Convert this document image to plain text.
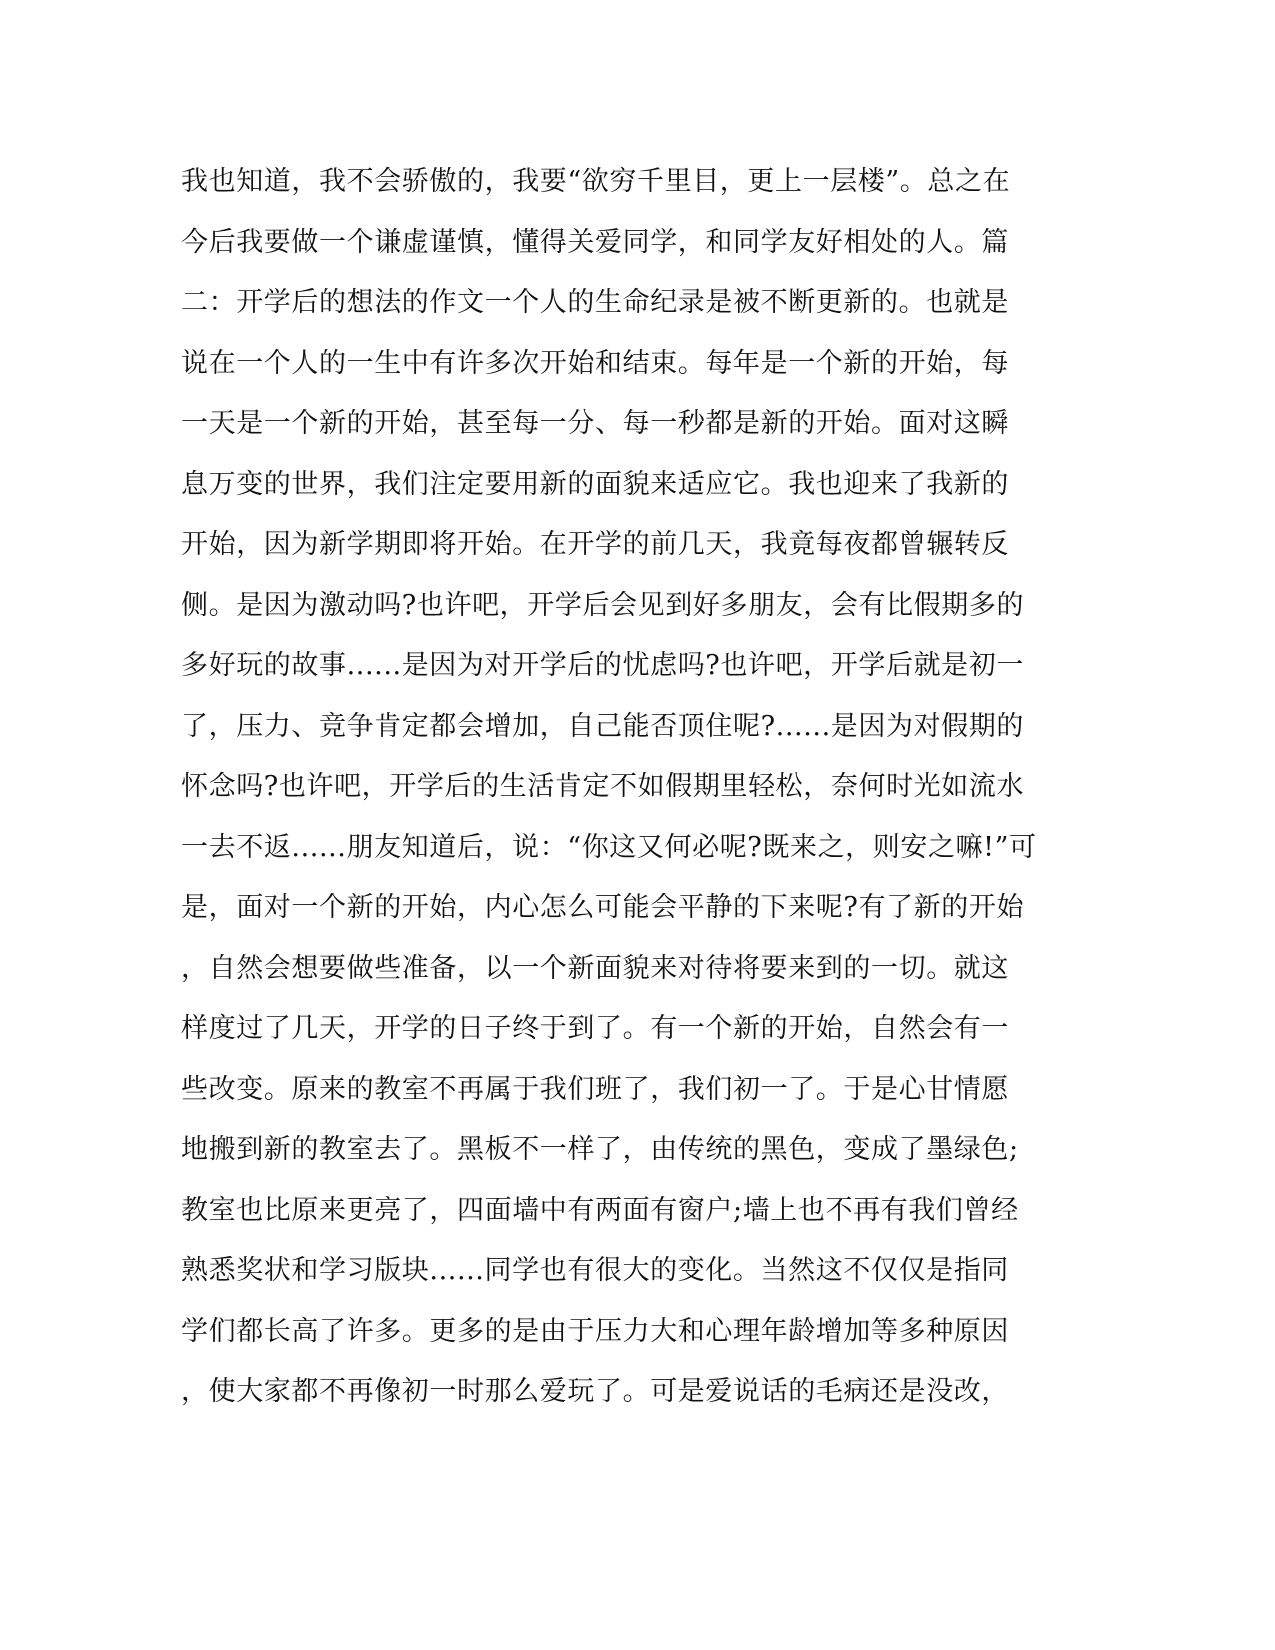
我也知道，我不会骄傲的，我要“欲穷千里目，更上一层楼”。总之在
今后我要做一个谦虚谨慎，懂得关爱同学，和同学友好相处的人。篇
二：开学后的想法的作文一个人的生命纪录是被不断更新的。也就是
说在一个人的一生中有许多次开始和结束。每年是一个新的开始，每
一天是一个新的开始，甚至每一分、每一秒都是新的开始。面对这瞬
息万变的世界，我们注定要用新的面貌来适应它。我也迎来了我新的
开始，因为新学期即将开始。在开学的前几天，我竟每夜都曾辗转反
侧。是因为激动吗?也许吧，开学后会见到好多朋友，会有比假期多的
多好玩的故事......是因为对开学后的忧虑吗?也许吧，开学后就是初一
了，压力、竞争肯定都会增加，自己能否顶住呢?......是因为对假期的
怀念吗?也许吧，开学后的生活肯定不如假期里轻松，奈何时光如流水
一去不返......朋友知道后，说：“你这又何必呢?既来之，则安之嘛!”可
是，面对一个新的开始，内心怎么可能会平静的下来呢?有了新的开始
，自然会想要做些准备，以一个新面貌来对待将要来到的一切。就这
样度过了几天，开学的日子终于到了。有一个新的开始，自然会有一
些改变。原来的教室不再属于我们班了，我们初一了。于是心甘情愿
地搬到新的教室去了。黑板不一样了，由传统的黑色，变成了墨绿色;
教室也比原来更亮了，四面墙中有两面有窗户;墙上也不再有我们曾经
熟悉奖状和学习版块......同学也有很大的变化。当然这不仅仅是指同
学们都长高了许多。更多的是由于压力大和心理年龄增加等多种原因
，使大家都不再像初一时那么爱玩了。可是爱说话的毛病还是没改，
